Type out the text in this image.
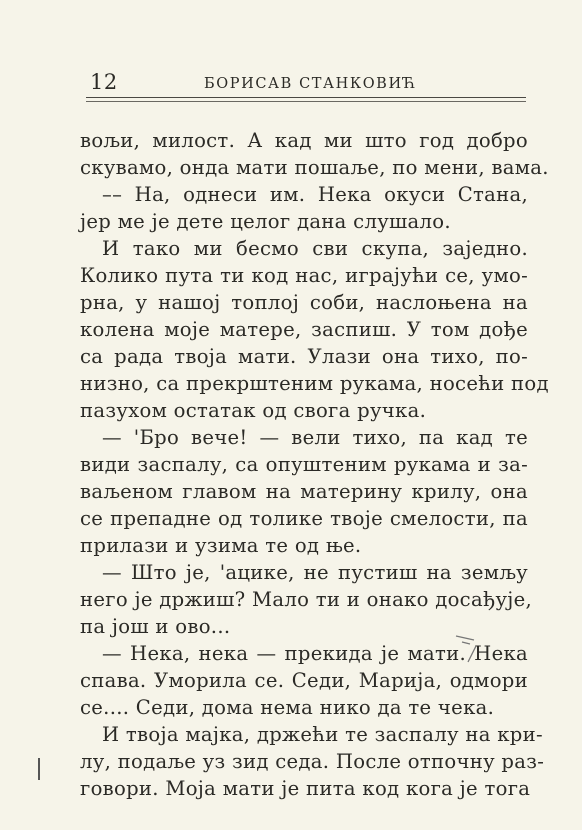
12	БОРИСАВ СТАНКОВИЋ
вољи, милост. А кад ми што год добро
скувамо, онда мати пошаље, по мени, вама.
–– На, однеси им. Нека окуси Стана,
јер ме је дете целог дана слушало.
И тако ми бесмо сви скупа, заједно.
Колико пута ти код нас, играјући се, умо-
рна, у нашој топлој соби, наслоњена на
колена моје матере, заспиш. У том дође
са рада твоја мати. Улази она тихо, по-
низно, са прекрштеним рукама, носећи под
пазухом остатак од свога ручка.
— 'Бро вече! — вели тихо, па кад те
види заспалу, са опуштеним рукама и за-
ваљеном главом на материну крилу, она
се препадне од толике твоје смелости, па
прилази и узима те од ње.
— Што је, 'ацике, не пустиш на земљу
него је држиш? Мало ти и онако досађује,
па још и ово...
— Нека, нека — прекида је мати. Нека
спава. Уморила се. Седи, Марија, одмори
се.... Седи, дома нема нико да те чека.
И твоја мајка, држећи те заспалу на кри-
лу, подаље уз зид седа. После отпочну раз-
говори. Моја мати је пита код кога је тога
